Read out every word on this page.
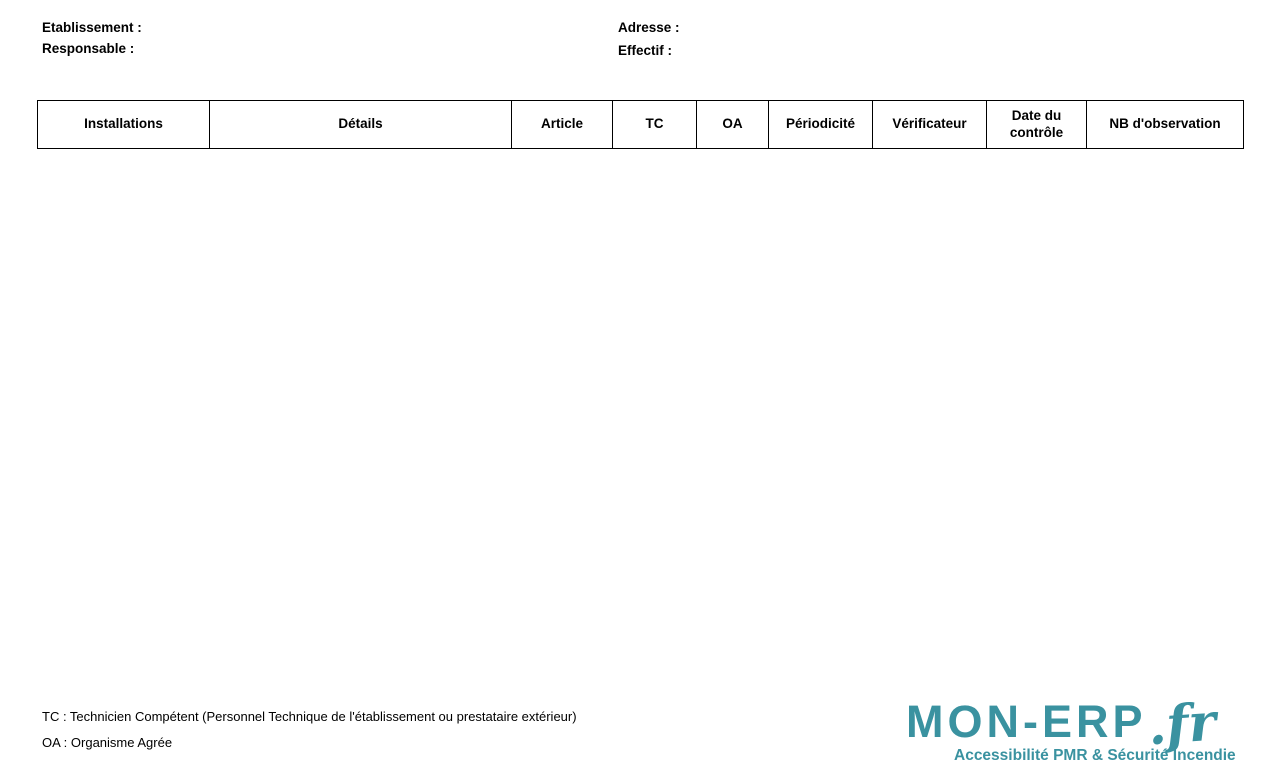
Etablissement :
Responsable :
Adresse :
Effectif :
Installations	Détails	Article	TC	OA	Périodicité	Vérificateur	Date du contrôle	NB d'observation

TC : Technicien Compétent (Personnel Technique de l'établissement ou prestataire extérieur)
OA : Organisme Agrée	MON-ERP
.fr
Accessibilité PMR & Sécurité Incendie
